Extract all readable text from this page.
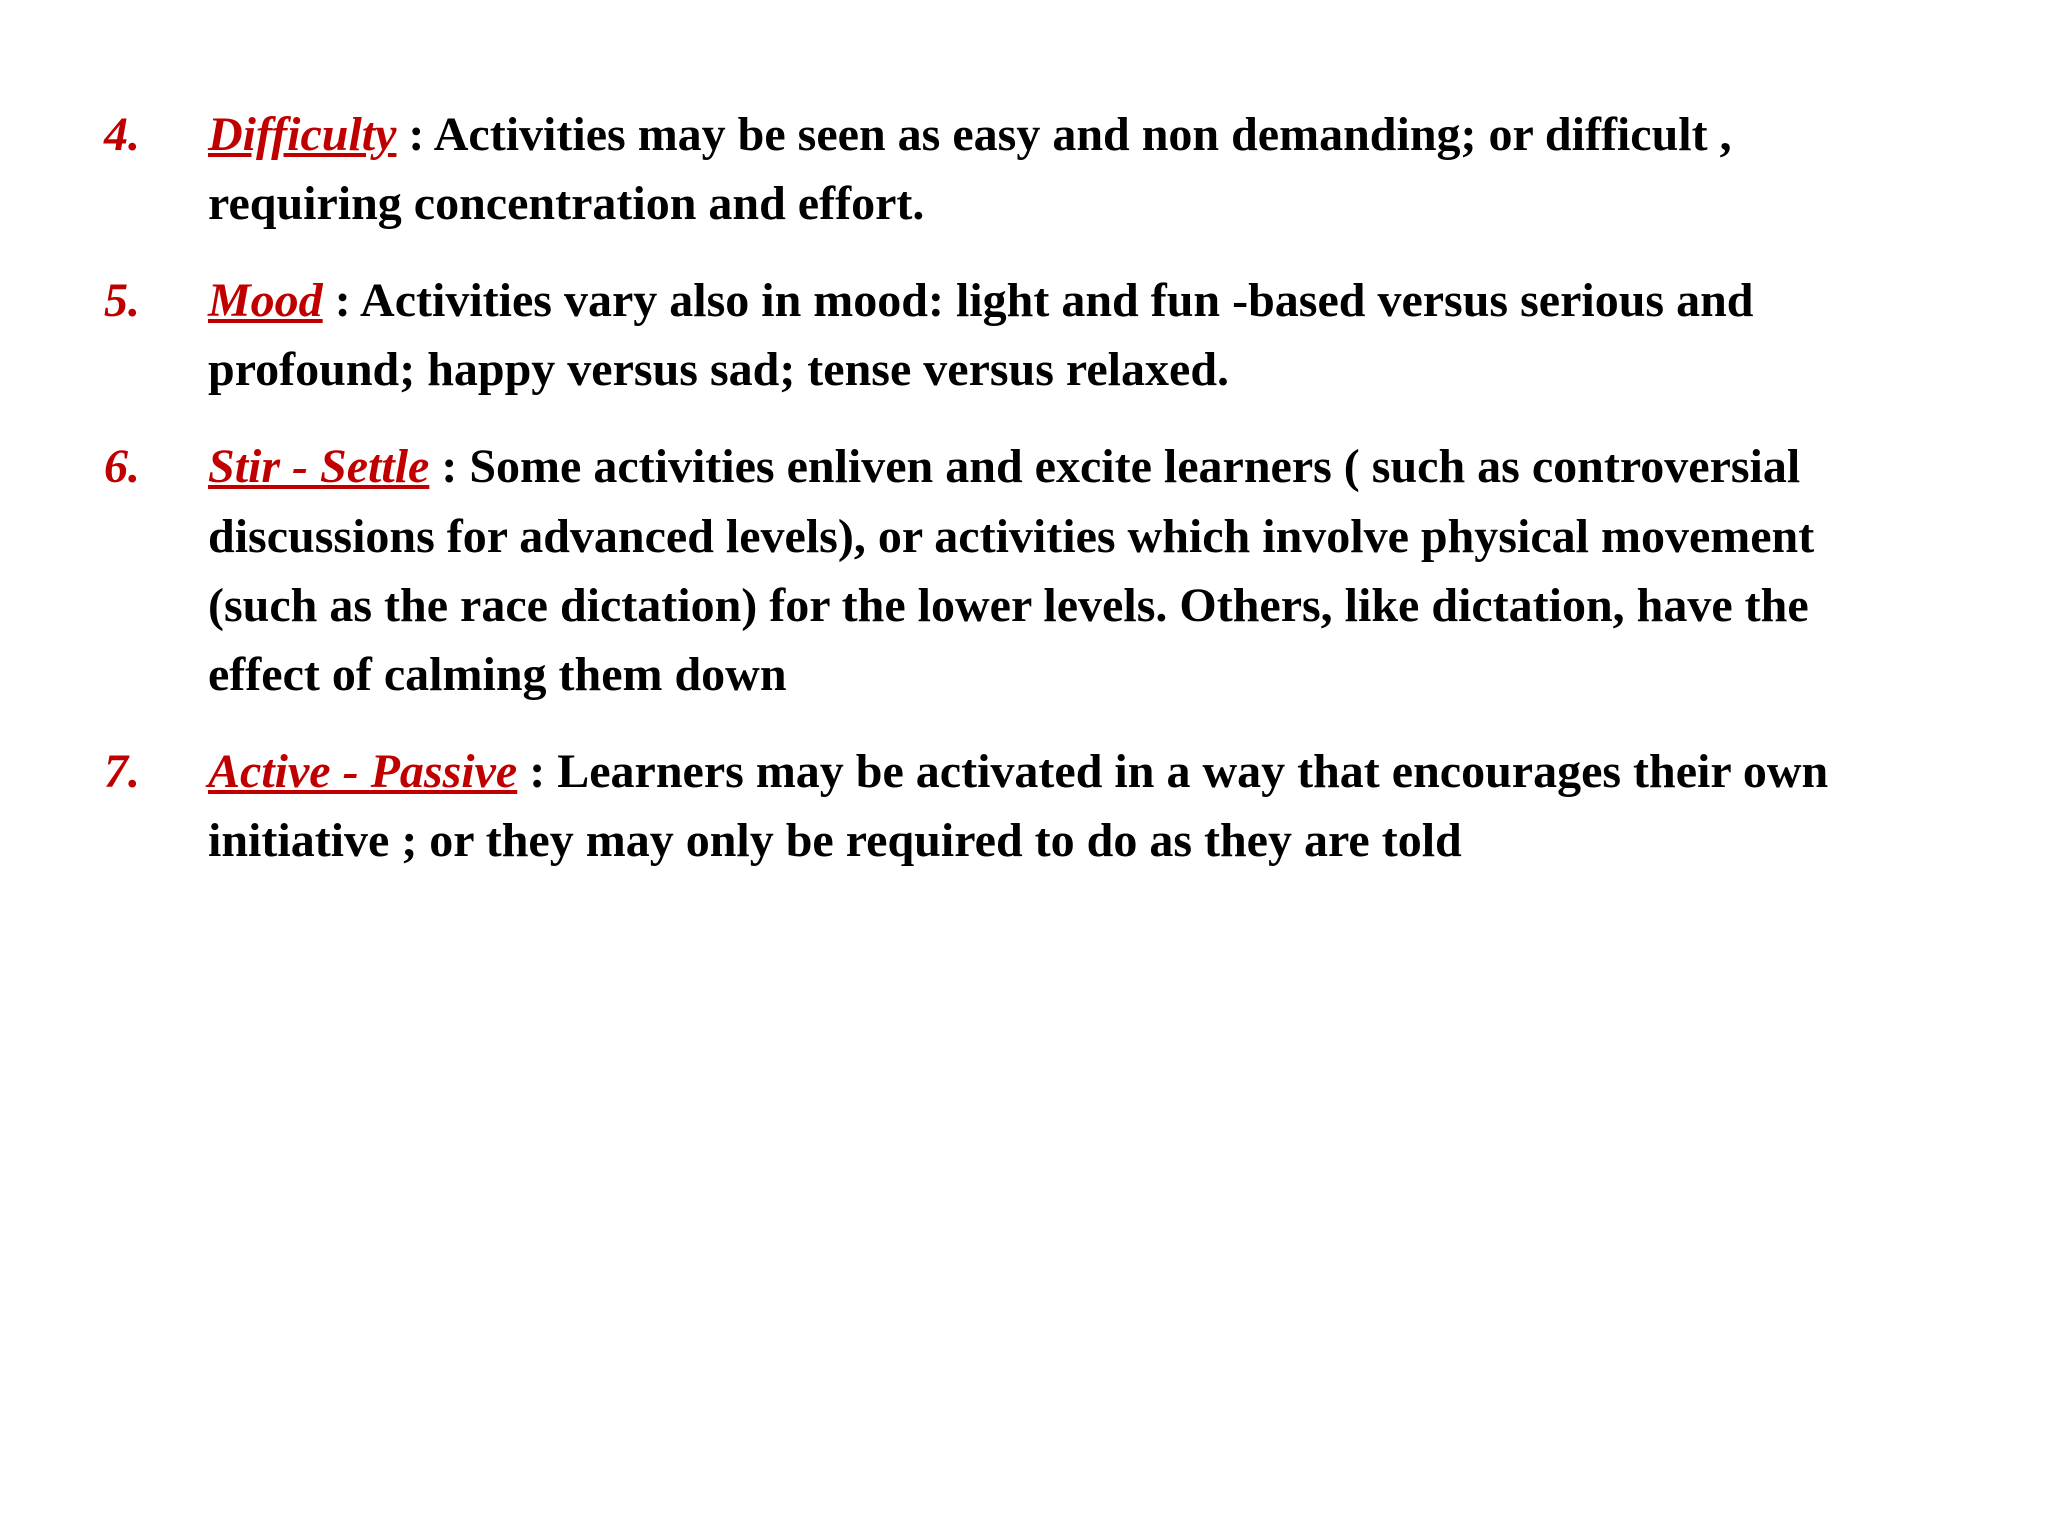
4.	Difficulty : Activities may be seen as easy and non demanding; or difficult , requiring concentration and effort.
5.	Mood : Activities vary also in mood: light and fun -based versus serious and profound; happy versus sad; tense versus relaxed.
6.	Stir - Settle : Some activities enliven and excite learners ( such as controversial discussions for advanced levels), or activities which involve physical movement (such as the race dictation) for the lower levels. Others, like dictation, have the effect of calming them down
7.	Active - Passive : Learners may be activated in a way that encourages their own initiative ; or they may only be required to do as they are told
